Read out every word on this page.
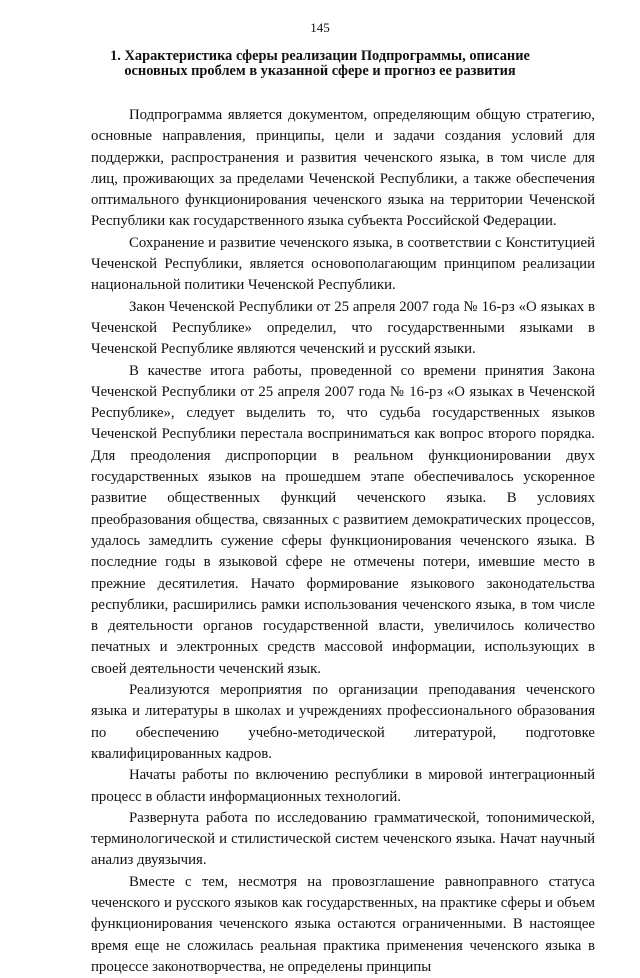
145
1. Характеристика сферы реализации Подпрограммы, описание
основных проблем в указанной сфере и прогноз ее развития

Подпрограмма является документом, определяющим общую стратегию, основные направления, принципы, цели и задачи создания условий для поддержки, распространения и развития чеченского языка, в том числе для лиц, проживающих за пределами Чеченской Республики, а также обеспечения оптимального функционирования чеченского языка на территории Чеченской Республики как государственного языка субъекта Российской Федерации.

Сохранение и развитие чеченского языка, в соответствии с Конституцией Чеченской Республики, является основополагающим принципом реализации национальной политики Чеченской Республики.

Закон Чеченской Республики от 25 апреля 2007 года № 16-рз «О языках в Чеченской Республике» определил, что государственными языками в Чеченской Республике являются чеченский и русский языки.

В качестве итога работы, проведенной со времени принятия Закона Чеченской Республики от 25 апреля 2007 года № 16-рз «О языках в Чеченской Республике», следует выделить то, что судьба государственных языков Чеченской Республики перестала восприниматься как вопрос второго порядка. Для преодоления диспропорции в реальном функционировании двух государственных языков на прошедшем этапе обеспечивалось ускоренное развитие общественных функций чеченского языка. В условиях преобразования общества, связанных с развитием демократических процессов, удалось замедлить сужение сферы функционирования чеченского языка. В последние годы в языковой сфере не отмечены потери, имевшие место в прежние десятилетия. Начато формирование языкового законодательства республики, расширились рамки использования чеченского языка, в том числе в деятельности органов государственной власти, увеличилось количество печатных и электронных средств массовой информации, использующих в своей деятельности чеченский язык.

Реализуются мероприятия по организации преподавания чеченского языка и литературы в школах и учреждениях профессионального образования по обеспечению учебно-методической литературой, подготовке квалифицированных кадров.

Начаты работы по включению республики в мировой интеграционный процесс в области информационных технологий.

Развернута работа по исследованию грамматической, топонимической, терминологической и стилистической систем чеченского языка. Начат научный анализ двуязычия.

Вместе с тем, несмотря на провозглашение равноправного статуса чеченского и русского языков как государственных, на практике сферы и объем функционирования чеченского языка остаются ограниченными. В настоящее время еще не сложилась реальная практика применения чеченского языка в процессе законотворчества, не определены принципы
